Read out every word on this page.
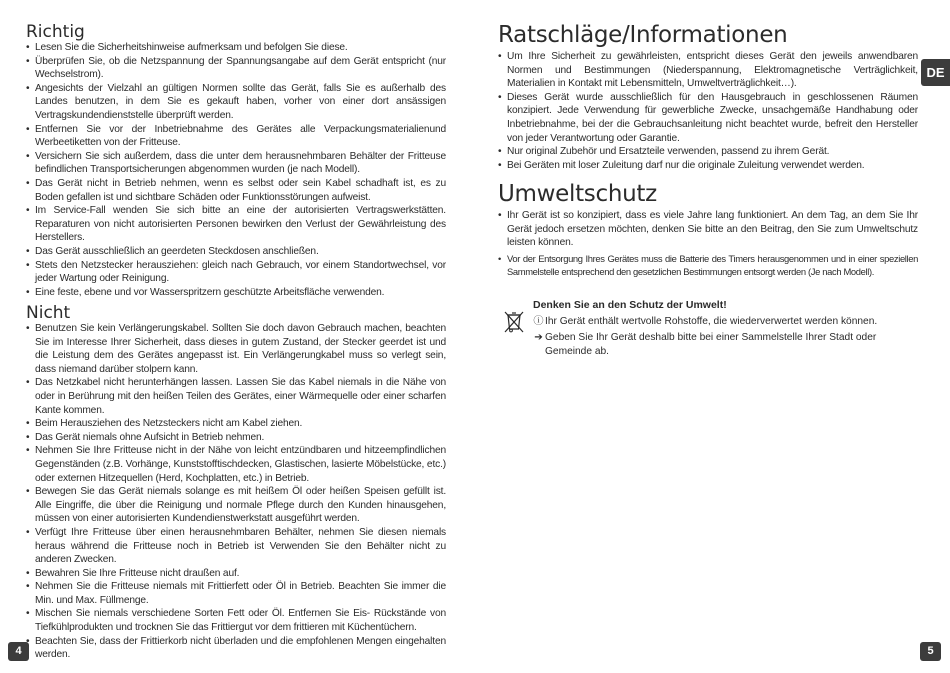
Richtig
• Lesen Sie die Sicherheitshinweise aufmerksam und befolgen Sie diese.
• Überprüfen Sie, ob die Netzspannung der Spannungsangabe auf dem Gerät entspricht (nur Wechselstrom).
• Angesichts der Vielzahl an gültigen Normen sollte das Gerät, falls Sie es außerhalb des Landes benutzen, in dem Sie es gekauft haben, vorher von einer dort ansässigen Vertragskundendienststelle überprüft werden.
• Entfernen Sie vor der Inbetriebnahme des Gerätes alle Verpackungsmaterialienund Werbeetiketten von der Fritteuse.
• Versichern Sie sich außerdem, dass die unter dem herausnehmbaren Behälter der Fritteuse befindlichen Transportsicherungen abgenommen wurden (je nach Modell).
• Das Gerät nicht in Betrieb nehmen, wenn es selbst oder sein Kabel schadhaft ist, es zu Boden gefallen ist und sichtbare Schäden oder Funktionsstörungen aufweist.
• Im Service-Fall wenden Sie sich bitte an eine der autorisierten Vertragswerkstätten. Reparaturen von nicht autorisierten Personen bewirken den Verlust der Gewährleistung des Herstellers.
• Das Gerät ausschließlich an geerdeten Steckdosen anschließen.
• Stets den Netzstecker herausziehen: gleich nach Gebrauch, vor einem Standortwechsel, vor jeder Wartung oder Reinigung.
• Eine feste, ebene und vor Wasserspritzern geschützte Arbeitsfläche verwenden.
Nicht
• Benutzen Sie kein Verlängerungskabel. Sollten Sie doch davon Gebrauch machen, beachten Sie im Interesse Ihrer Sicherheit, dass dieses in gutem Zustand, der Stecker geerdet ist und die Leistung dem des Gerätes angepasst ist. Ein Verlängerungkabel muss so verlegt sein, dass niemand darüber stolpern kann.
• Das Netzkabel nicht herunterhängen lassen. Lassen Sie das Kabel niemals in die Nähe von oder in Berührung mit den heißen Teilen des Gerätes, einer Wärmequelle oder einer scharfen Kante kommen.
• Beim Herausziehen des Netzsteckers nicht am Kabel ziehen.
• Das Gerät niemals ohne Aufsicht in Betrieb nehmen.
• Nehmen Sie Ihre Fritteuse nicht in der Nähe von leicht entzündbaren und hitzeempfindlichen Gegenständen (z.B. Vorhänge, Kunststofftischdecken, Glastischen, lasierte Möbelstücke, etc.) oder externen Hitzequellen (Herd, Kochplatten, etc.) in Betrieb.
• Bewegen Sie das Gerät niemals solange es mit heißem Öl oder heißen Speisen gefüllt ist. Alle Eingriffe, die über die Reinigung und normale Pflege durch den Kunden hinausgehen, müssen von einer autorisierten Kundendienstwerkstatt ausgeführt werden.
• Verfügt Ihre Fritteuse über einen herausnehmbaren Behälter, nehmen Sie diesen niemals heraus während die Fritteuse noch in Betrieb ist Verwenden Sie den Behälter nicht zu anderen Zwecken.
• Bewahren Sie Ihre Fritteuse nicht draußen auf.
• Nehmen Sie die Fritteuse niemals mit Frittierfett oder Öl in Betrieb. Beachten Sie immer die Min. und Max. Füllmenge.
• Mischen Sie niemals verschiedene Sorten Fett oder Öl. Entfernen Sie Eis- Rückstände von Tiefkühlprodukten und trocknen Sie das Frittiergut vor dem frittieren mit Küchentüchern.
• Beachten Sie, dass der Frittierkorb nicht überladen und die empfohlenen Mengen eingehalten werden.
4
Ratschläge/Informationen
• Um Ihre Sicherheit zu gewährleisten, entspricht dieses Gerät den jeweils anwendbaren Normen und Bestimmungen (Niederspannung, Elektromagnetische Verträglichkeit, Materialien in Kontakt mit Lebensmitteln, Umweltverträglichkeit…).
• Dieses Gerät wurde ausschließlich für den Hausgebrauch in geschlossenen Räumen konzipiert. Jede Verwendung für gewerbliche Zwecke, unsachgemäße Handhabung oder Inbetriebnahme, bei der die Gebrauchsanleitung nicht beachtet wurde, befreit den Hersteller von jeder Verantwortung oder Garantie.
• Nur original Zubehör und Ersatzteile verwenden, passend zu ihrem Gerät.
• Bei Geräten mit loser Zuleitung darf nur die originale Zuleitung verwendet werden.
Umweltschutz
• Ihr Gerät ist so konzipiert, dass es viele Jahre lang funktioniert. An dem Tag, an dem Sie Ihr Gerät jedoch ersetzen möchten, denken Sie bitte an den Beitrag, den Sie zum Umweltschutz leisten können.
• Vor der Entsorgung Ihres Gerätes muss die Batterie des Timers herausgenommen und in einer speziellen Sammelstelle entsprechend den gesetzlichen Bestimmungen entsorgt werden (Je nach Modell).
Denken Sie an den Schutz der Umwelt!
ⓘ Ihr Gerät enthält wertvolle Rohstoffe, die wiederverwertet werden können.
➔ Geben Sie Ihr Gerät deshalb bitte bei einer Sammelstelle Ihrer Stadt oder Gemeinde ab.
DE
5
